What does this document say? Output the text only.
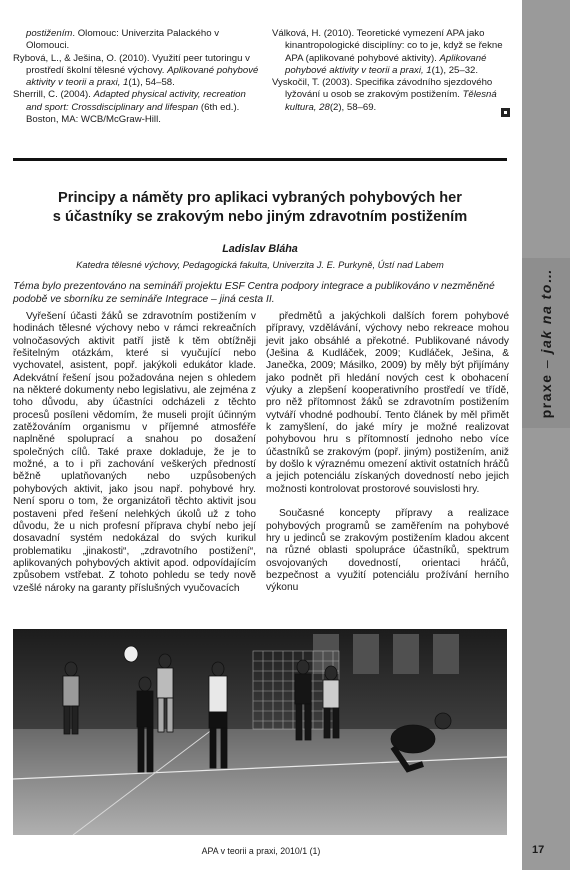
praxe – jak na to…
postižením. Olomouc: Univerzita Palackého v Olomouci.
Rybová, L., & Ješina, O. (2010). Využití peer tutoringu v prostředí školní tělesné výchovy. Aplikované pohybové aktivity v teorii a praxi, 1(1), 54–58.
Sherrill, C. (2004). Adapted physical activity, recreation and sport: Crossdisciplinary and lifespan (6th ed.). Boston, MA: WCB/McGraw-Hill.
Válková, H. (2010). Teoretické vymezení APA jako kinantropologické disciplíny: co to je, když se řekne APA (aplikované pohybové aktivity). Aplikované pohybové aktivity v teorii a praxi, 1(1), 25–32.
Vyskočil, T. (2003). Specifika závodního sjezdového lyžování u osob se zrakovým postižením. Tělesná kultura, 28(2), 58–69.
Principy a náměty pro aplikaci vybraných pohybových her
s účastníky se zrakovým nebo jiným zdravotním postižením
Ladislav Bláha
Katedra tělesné výchovy, Pedagogická fakulta, Univerzita J. E. Purkyně, Ústí nad Labem
Téma bylo prezentováno na semináři projektu ESF Centra podpory integrace a publikováno v nezměněné podobě ve sborníku ze semináře Integrace – jiná cesta II.

Vyřešení účasti žáků se zdravotním postižením v hodinách tělesné výchovy nebo v rámci rekreačních volnočasových aktivit patří jistě k těm obtížněji řešitelným otázkám, které si vyučující nebo vychovatel, asistent, popř. jakýkoli edukátor klade. Adekvátní řešení jsou požadována nejen s ohledem na některé dokumenty nebo legislativu, ale zejména z toho důvodu, aby účastníci odcházeli z těchto procesů posíleni vědomím, že museli projít účinným zatěžováním organismu v příjemné atmosféře naplněné spoluprací a snahou po dosažení společných cílů. Také praxe dokladuje, že je to možné, a to i při zachování veškerých předností běžně uplatňovaných nebo uzpůsobených pohybových aktivit, jako jsou např. pohybové hry. Není sporu o tom, že organizátoři těchto aktivit jsou postaveni před řešení nelehkých úkolů už z toho důvodu, že u nich profesní příprava chybí nebo její dosavadní systém nedokázal do svých kurikul problematiku „jinakosti“, „zdravotního postižení“, aplikovaných pohybových aktivit apod. odpovídajícím způsobem vstřebat. Z tohoto pohledu se tedy nově vzešlé nároky na garanty příslušných vyučovacích

předmětů a jakýchkoli dalších forem pohybové přípravy, vzdělávání, výchovy nebo rekreace mohou jevit jako obsáhlé a překotné. Publikované návody (Ješina & Kudláček, 2009; Kudláček, Ješina, & Janečka, 2009; Másilko, 2009) by měly být přijímány jako podnět při hledání nových cest k obohacení výuky a zlepšení kooperativního prostředí ve třídě, pro něž přítomnost žáků se zdravotním postižením vytváří vhodné podhoubí. Tento článek by měl přimět k zamyšlení, do jaké míry je možné realizovat pohybovou hru s přítomností jednoho nebo více účastníků se zrakovým (popř. jiným) postižením, aniž by došlo k výraznému omezení aktivit ostatních hráčů a jejich potenciálu získaných dovedností nebo jejich možnosti kontrolovat prostorové souvislosti hry.

Současné koncepty přípravy a realizace pohybových programů se zaměřením na pohybové hry u jedinců se zrakovým postižením kladou akcent na různé oblasti spolupráce účastníků, spektrum osvojovaných dovedností, orientaci hráčů, bezpečnost a využití potenciálu prožívání herního výkonu

APA v teorii a praxi, 2010/1 (1)	17
